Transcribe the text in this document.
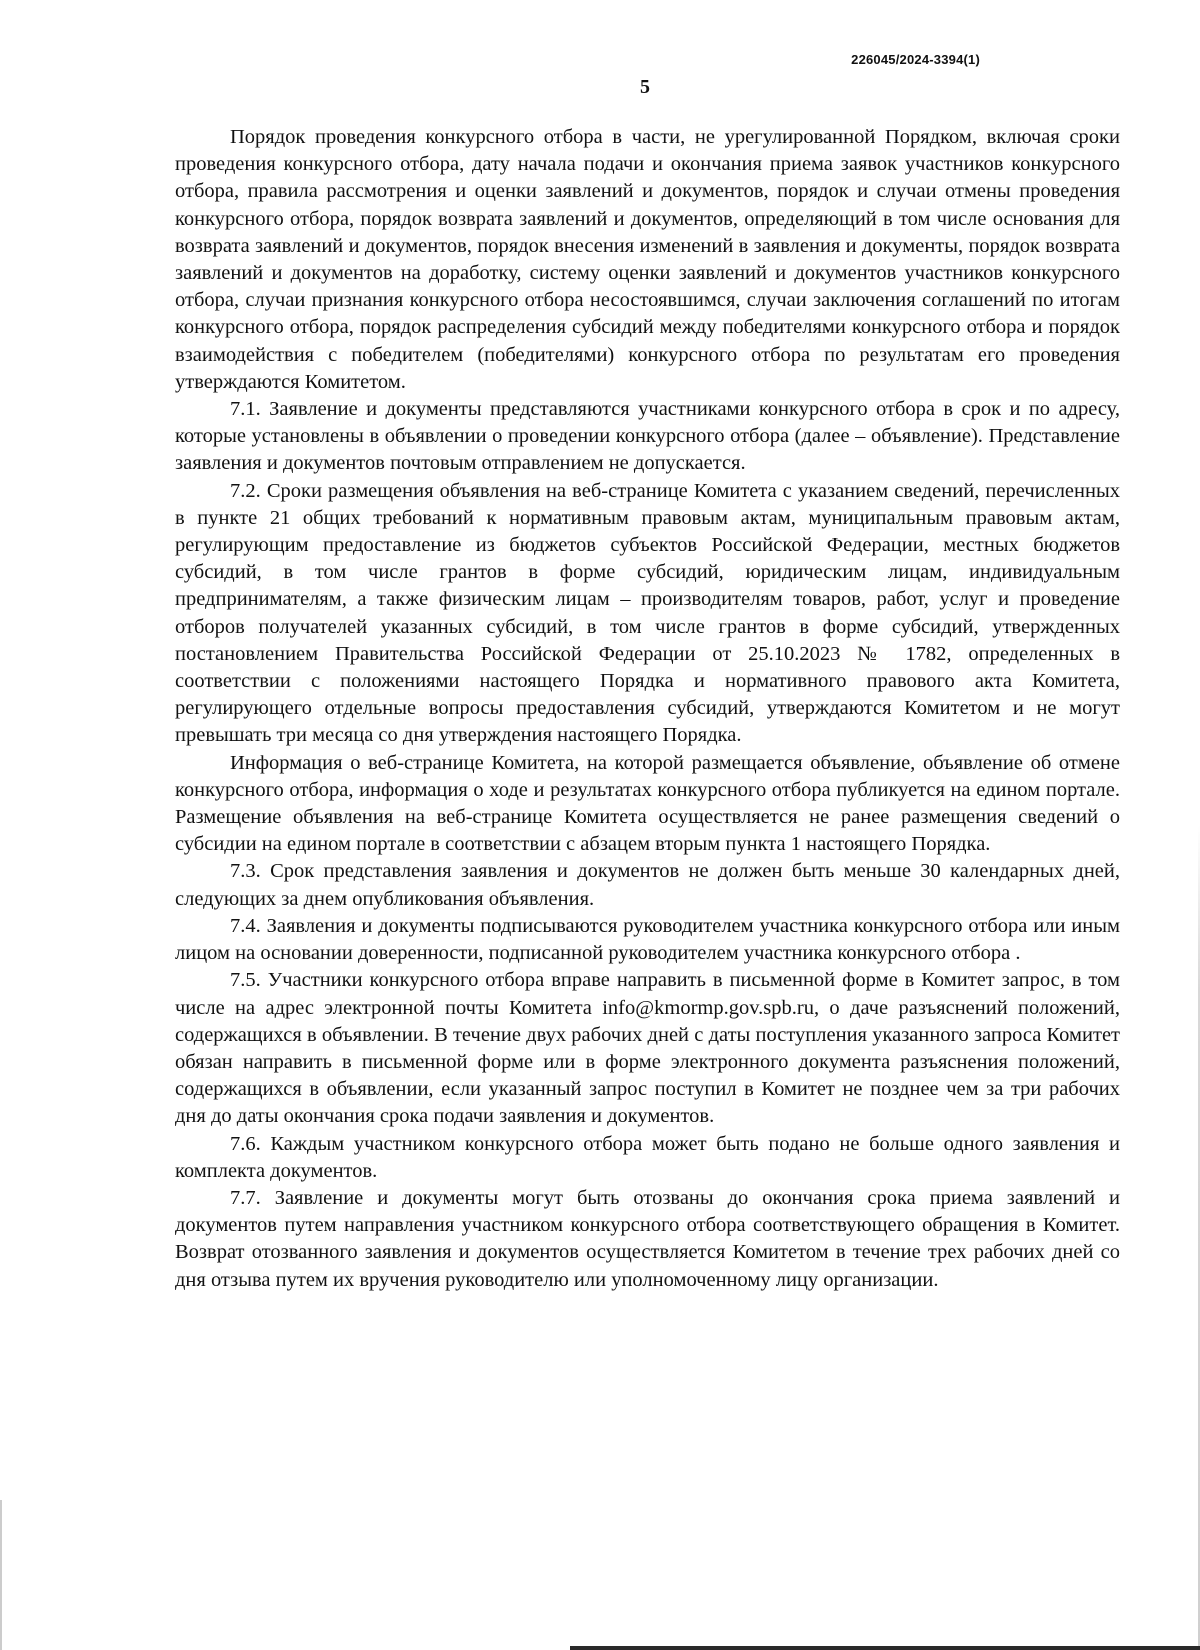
226045/2024-3394(1)
5

Порядок проведения конкурсного отбора в части, не урегулированной Порядком, включая сроки проведения конкурсного отбора, дату начала подачи и окончания приема заявок участников конкурсного отбора, правила рассмотрения и оценки заявлений и документов, порядок и случаи отмены проведения конкурсного отбора, порядок возврата заявлений и документов, определяющий в том числе основания для возврата заявлений и документов, порядок внесения изменений в заявления и документы, порядок возврата заявлений и документов на доработку, систему оценки заявлений и документов участников конкурсного отбора, случаи признания конкурсного отбора несостоявшимся, случаи заключения соглашений по итогам конкурсного отбора, порядок распределения субсидий между победителями конкурсного отбора и порядок взаимодействия с победителем (победителями) конкурсного отбора по результатам его проведения утверждаются Комитетом.

7.1. Заявление и документы представляются участниками конкурсного отбора в срок и по адресу, которые установлены в объявлении о проведении конкурсного отбора (далее – объявление). Представление заявления и документов почтовым отправлением не допускается.

7.2. Сроки размещения объявления на веб-странице Комитета с указанием сведений, перечисленных в пункте 21 общих требований к нормативным правовым актам, муниципальным правовым актам, регулирующим предоставление из бюджетов субъектов Российской Федерации, местных бюджетов субсидий, в том числе грантов в форме субсидий, юридическим лицам, индивидуальным предпринимателям, а также физическим лицам – производителям товаров, работ, услуг и проведение отборов получателей указанных субсидий, в том числе грантов в форме субсидий, утвержденных постановлением Правительства Российской Федерации от 25.10.2023 № 1782, определенных в соответствии с положениями настоящего Порядка и нормативного правового акта Комитета, регулирующего отдельные вопросы предоставления субсидий, утверждаются Комитетом и не могут превышать три месяца со дня утверждения настоящего Порядка.

Информация о веб-странице Комитета, на которой размещается объявление, объявление об отмене конкурсного отбора, информация о ходе и результатах конкурсного отбора публикуется на едином портале. Размещение объявления на веб-странице Комитета осуществляется не ранее размещения сведений о субсидии на едином портале в соответствии с абзацем вторым пункта 1 настоящего Порядка.

7.3. Срок представления заявления и документов не должен быть меньше 30 календарных дней, следующих за днем опубликования объявления.

7.4. Заявления и документы подписываются руководителем участника конкурсного отбора или иным лицом на основании доверенности, подписанной руководителем участника конкурсного отбора .

7.5. Участники конкурсного отбора вправе направить в письменной форме в Комитет запрос, в том числе на адрес электронной почты Комитета info@kmormp.gov.spb.ru, о даче разъяснений положений, содержащихся в объявлении. В течение двух рабочих дней с даты поступления указанного запроса Комитет обязан направить в письменной форме или в форме электронного документа разъяснения положений, содержащихся в объявлении, если указанный запрос поступил в Комитет не позднее чем за три рабочих дня до даты окончания срока подачи заявления и документов.

7.6. Каждым участником конкурсного отбора может быть подано не больше одного заявления и комплекта документов.

7.7. Заявление и документы могут быть отозваны до окончания срока приема заявлений и документов путем направления участником конкурсного отбора соответствующего обращения в Комитет. Возврат отозванного заявления и документов осуществляется Комитетом в течение трех рабочих дней со дня отзыва путем их вручения руководителю или уполномоченному лицу организации.
